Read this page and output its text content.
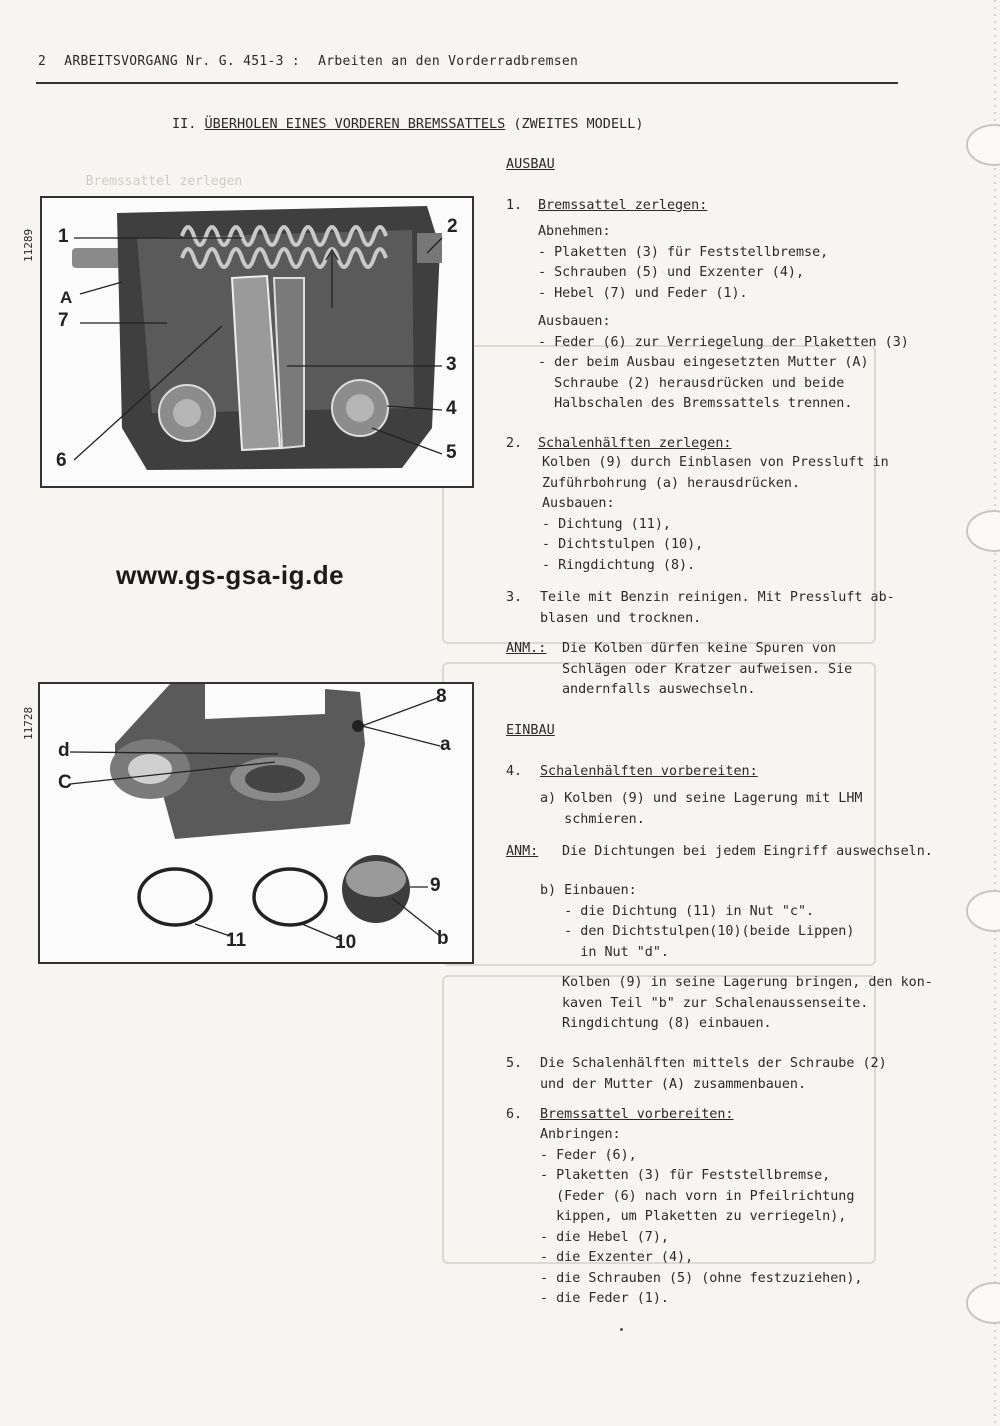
Bremssattel zerlegen

2 ARBEITSVORGANG Nr. G. 451-3 : Arbeiten an den Vorderradbremsen
II. ÜBERHOLEN EINES VORDEREN BREMSSATTELS (ZWEITES MODELL)
11289 1	2
A
7
3
4
6	5
www.gs-gsa-ig.de
11728
8
d	a
C
9
11	10	b
AUSBAU
1. Bremssattel zerlegen:
Abnehmen:
- Plaketten (3) für Feststellbremse,
- Schrauben (5) und Exzenter (4),
- Hebel (7) und Feder (1).
Ausbauen:
- Feder (6) zur Verriegelung der Plaketten (3)
- der beim Ausbau eingesetzten Mutter (A)
Schraube (2) herausdrücken und beide
Halbschalen des Bremssattels trennen.
2. Schalenhälften zerlegen:
Kolben (9) durch Einblasen von Pressluft in
Zuführbohrung (a) herausdrücken.
Ausbauen:
- Dichtung (11),
- Dichtstulpen (10),
- Ringdichtung (8).
3. Teile mit Benzin reinigen. Mit Pressluft ab-
blasen und trocknen.
ANM.: Die Kolben dürfen keine Spuren von
Schlägen oder Kratzer aufweisen. Sie
andernfalls auswechseln.
EINBAU
4. Schalenhälften vorbereiten:
a) Kolben (9) und seine Lagerung mit LHM
schmieren.
ANM: Die Dichtungen bei jedem Eingriff auswechseln.
b) Einbauen:
- die Dichtung (11) in Nut "c".
- den Dichtstulpen(10)(beide Lippen)
in Nut "d".
Kolben (9) in seine Lagerung bringen, den kon-
kaven Teil "b" zur Schalenaussenseite.
Ringdichtung (8) einbauen.
5. Die Schalenhälften mittels der Schraube (2)
und der Mutter (A) zusammenbauen.
6. Bremssattel vorbereiten:
Anbringen:
- Feder (6),
- Plaketten (3) für Feststellbremse,
(Feder (6) nach vorn in Pfeilrichtung
kippen, um Plaketten zu verriegeln),
- die Hebel (7),
- die Exzenter (4),
- die Schrauben (5) (ohne festzuziehen),
- die Feder (1).
